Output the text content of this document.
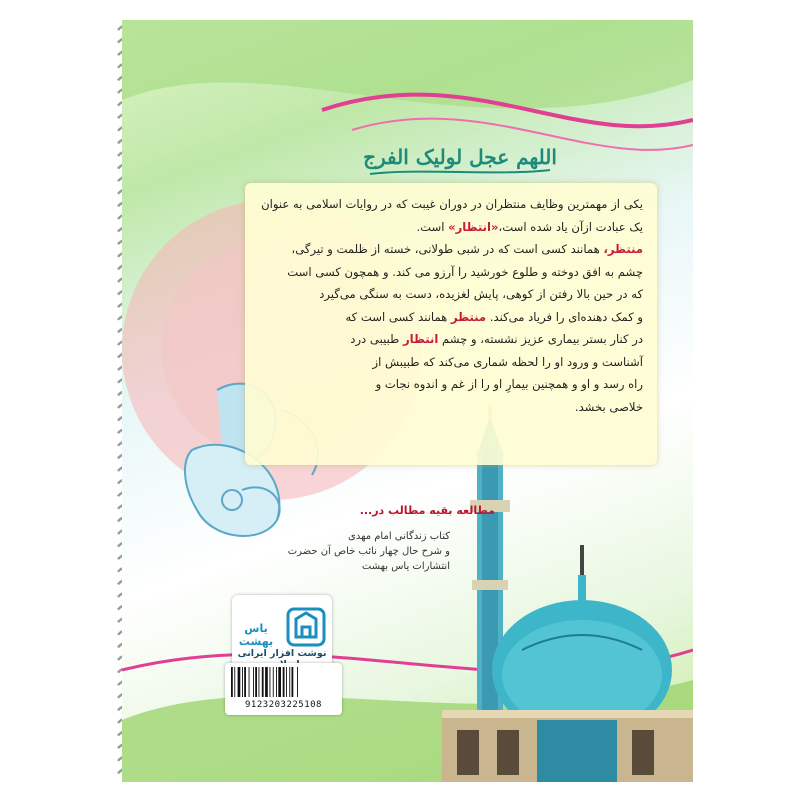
اللهم عجل لولیک الفرج

یکی از مهمترین وظایف منتظران در دوران غیبت که در روایات اسلامی به عنوان

یک عبادت ازآن یاد شده است،«انتظار» است.

منتظر، همانند کسی است که در شبی طولانی، خسته از ظلمت و تیرگی،

چشم به افق دوخته و طلوع خورشید را آرزو می کند. و همچون کسی است

که در حین بالا رفتن از کوهی، پایش لغزیده، دست به سنگی می‌گیرد

و کمک دهنده‌ای را فریاد می‌کند. منتظر همانند کسی است که

در کنار بستر بیماری عزیز نشسته، و چشم انتظار طبیبی درد

آشناست و ورود او را لحظه شماری می‌کند که طبیبش از

راه رسد و او و همچنین بیمارِ او را از غم و اندوه نجات و

خلاصی بخشد.

مطالعه بقیه مطالب در...
کتاب زندگانی امام مهدی
و شرح حال چهار نائب خاص آن حضرت
انتشارات یاس بهشت
یاس بهشت
نوشت افزار ایرانی
9123203225108
